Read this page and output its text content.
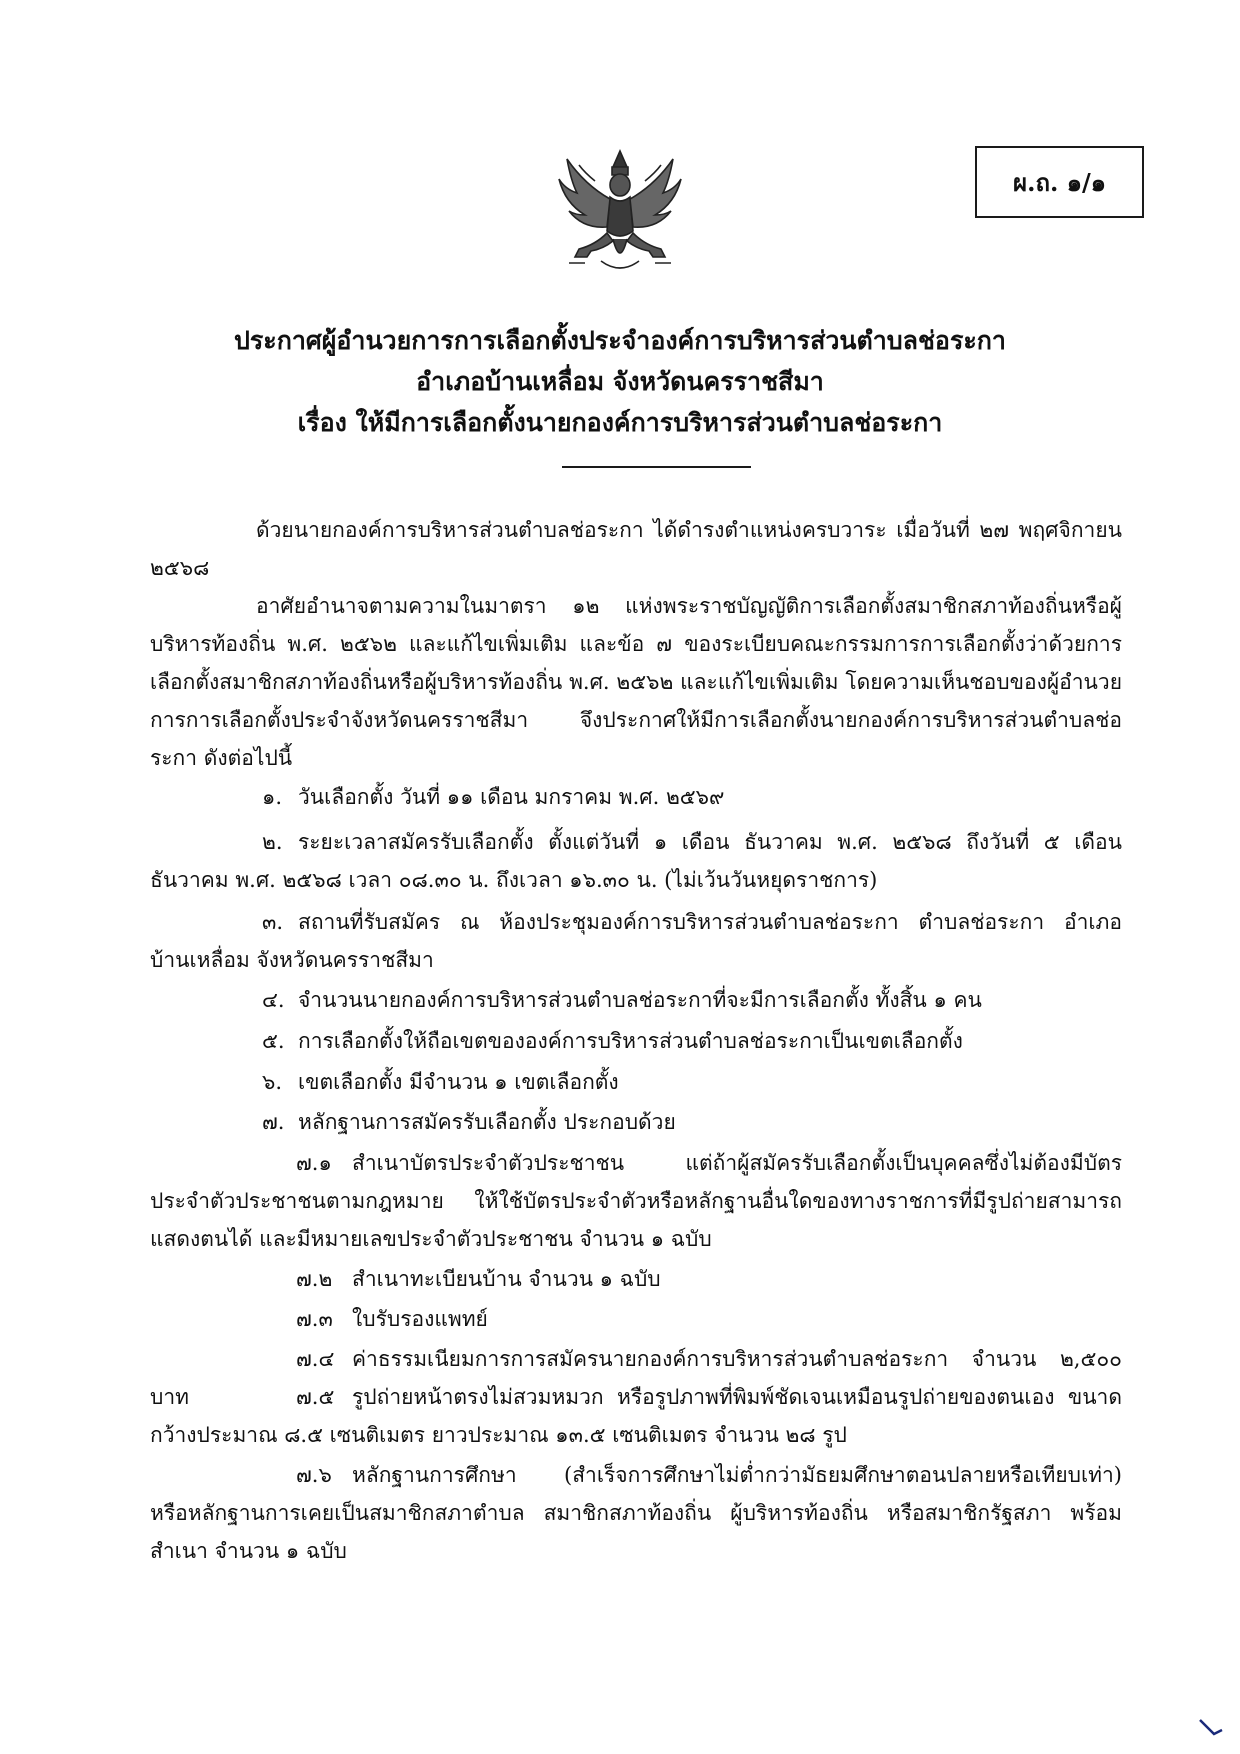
ผ.ถ. ๑/๑
ประกาศผู้อำนวยการการเลือกตั้งประจำองค์การบริหารส่วนตำบลช่อระกา
อำเภอบ้านเหลื่อม จังหวัดนครราชสีมา
เรื่อง ให้มีการเลือกตั้งนายกองค์การบริหารส่วนตำบลช่อระกา
ด้วยนายกองค์การบริหารส่วนตำบลช่อระกา ได้ดำรงตำแหน่งครบวาระ เมื่อวันที่ ๒๗ พฤศจิกายน ๒๕๖๘
อาศัยอำนาจตามความในมาตรา ๑๒ แห่งพระราชบัญญัติการเลือกตั้งสมาชิกสภาท้องถิ่นหรือผู้บริหารท้องถิ่น พ.ศ. ๒๕๖๒ และแก้ไขเพิ่มเติม และข้อ ๗ ของระเบียบคณะกรรมการการเลือกตั้งว่าด้วยการเลือกตั้งสมาชิกสภาท้องถิ่นหรือผู้บริหารท้องถิ่น พ.ศ. ๒๕๖๒ และแก้ไขเพิ่มเติม โดยความเห็นชอบของผู้อำนวยการการเลือกตั้งประจำจังหวัดนครราชสีมา จึงประกาศให้มีการเลือกตั้งนายกองค์การบริหารส่วนตำบลช่อระกา ดังต่อไปนี้
๑. วันเลือกตั้ง วันที่ ๑๑ เดือน มกราคม พ.ศ. ๒๕๖๙
๒. ระยะเวลาสมัครรับเลือกตั้ง ตั้งแต่วันที่ ๑ เดือน ธันวาคม พ.ศ. ๒๕๖๘ ถึงวันที่ ๕ เดือน ธันวาคม พ.ศ. ๒๕๖๘ เวลา ๐๘.๓๐ น. ถึงเวลา ๑๖.๓๐ น. (ไม่เว้นวันหยุดราชการ)
๓. สถานที่รับสมัคร ณ ห้องประชุมองค์การบริหารส่วนตำบลช่อระกา ตำบลช่อระกา อำเภอบ้านเหลื่อม จังหวัดนครราชสีมา
๔. จำนวนนายกองค์การบริหารส่วนตำบลช่อระกาที่จะมีการเลือกตั้ง ทั้งสิ้น ๑ คน
๕. การเลือกตั้งให้ถือเขตขององค์การบริหารส่วนตำบลช่อระกาเป็นเขตเลือกตั้ง
๖. เขตเลือกตั้ง มีจำนวน ๑ เขตเลือกตั้ง
๗. หลักฐานการสมัครรับเลือกตั้ง ประกอบด้วย
๗.๑ สำเนาบัตรประจำตัวประชาชน แต่ถ้าผู้สมัครรับเลือกตั้งเป็นบุคคลซึ่งไม่ต้องมีบัตรประจำตัวประชาชนตามกฎหมาย ให้ใช้บัตรประจำตัวหรือหลักฐานอื่นใดของทางราชการที่มีรูปถ่ายสามารถแสดงตนได้ และมีหมายเลขประจำตัวประชาชน จำนวน ๑ ฉบับ
๗.๒ สำเนาทะเบียนบ้าน จำนวน ๑ ฉบับ
๗.๓ ใบรับรองแพทย์
๗.๔ ค่าธรรมเนียมการการสมัครนายกองค์การบริหารส่วนตำบลช่อระกา จำนวน ๒,๕๐๐ บาท	๗.๕ รูปถ่ายหน้าตรงไม่สวมหมวก หรือรูปภาพที่พิมพ์ชัดเจนเหมือนรูปถ่ายของตนเอง ขนาดกว้างประมาณ ๘.๕ เซนติเมตร ยาวประมาณ ๑๓.๕ เซนติเมตร จำนวน ๒๘ รูป
๗.๖ หลักฐานการศึกษา (สำเร็จการศึกษาไม่ต่ำกว่ามัธยมศึกษาตอนปลายหรือเทียบเท่า) หรือหลักฐานการเคยเป็นสมาชิกสภาตำบล สมาชิกสภาท้องถิ่น ผู้บริหารท้องถิ่น หรือสมาชิกรัฐสภา พร้อมสำเนา จำนวน ๑ ฉบับ
